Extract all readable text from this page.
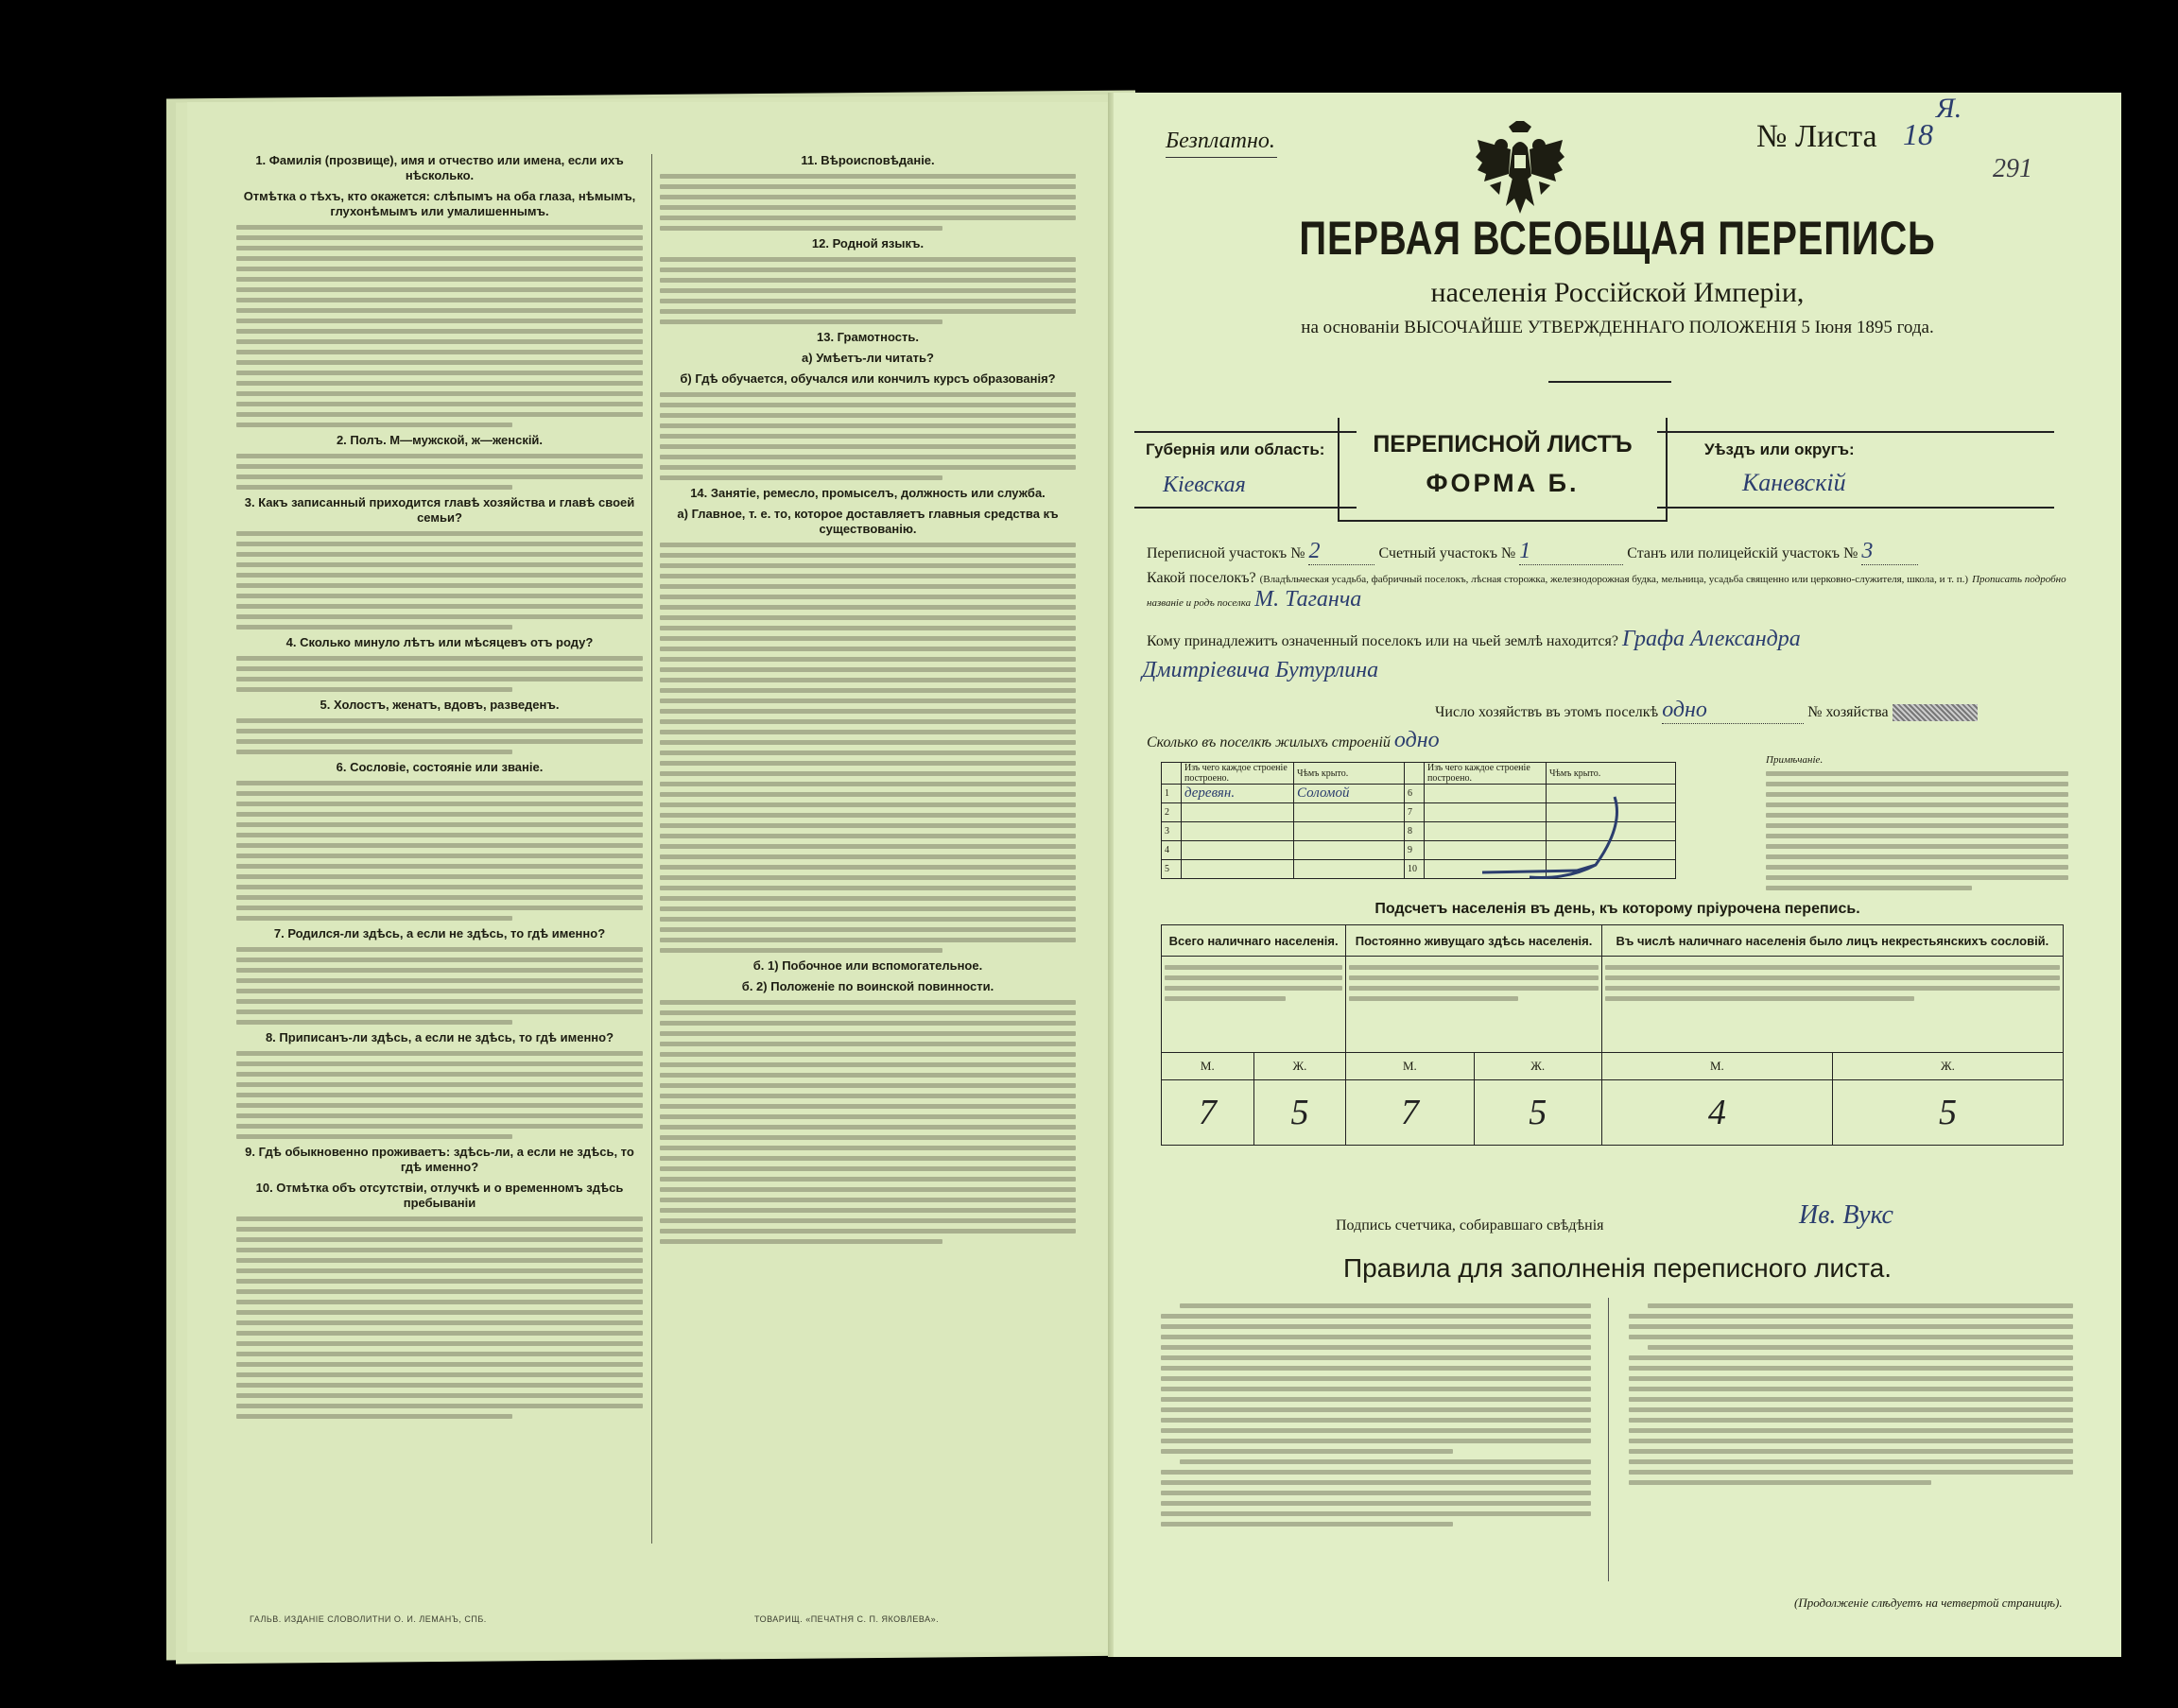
1. Фамилія (прозвище), имя и отчество или имена, если ихъ нѣсколько.
Отмѣтка о тѣхъ, кто окажется: слѣпымъ на оба глаза, нѣмымъ, глухонѣмымъ или умалишеннымъ.
2. Полъ. М—мужской, ж—женскій.
3. Какъ записанный приходится главѣ хозяйства и главѣ своей семьи?
4. Сколько минуло лѣтъ или мѣсяцевъ отъ роду?
5. Холостъ, женатъ, вдовъ, разведенъ.
6. Сословіе, состояніе или званіе.
7. Родился-ли здѣсь, а если не здѣсь, то гдѣ именно?
8. Приписанъ-ли здѣсь, а если не здѣсь, то гдѣ именно?
9. Гдѣ обыкновенно проживаетъ: здѣсь-ли, а если не здѣсь, то гдѣ именно?
10. Отмѣтка объ отсутствіи, отлучкѣ и о временномъ здѣсь пребываніи
11. Вѣроисповѣданіе.
12. Родной языкъ.
13. Грамотность.
а) Умѣетъ-ли читать?
б) Гдѣ обучается, обучался или кончилъ курсъ образованія?
14. Занятіе, ремесло, промыселъ, должность или служба.
а) Главное, т. е. то, которое доставляетъ главныя средства къ существованію.
б. 1) Побочное или вспомогательное.
б. 2) Положеніе по воинской повинности.
ГАЛЬВ. ИЗДАНІЕ СЛОВОЛИТНИ О. И. ЛЕМАНЪ, СПБ.	ТОВАРИЩ. «ПЕЧАТНЯ С. П. ЯКОВЛЕВА».
Безплатно.
Я.
№ Листа 18
291
ПЕРВАЯ ВСЕОБЩАЯ ПЕРЕПИСЬ
населенія Россійской Имперіи,
на основаніи ВЫСОЧАЙШЕ УТВЕРЖДЕННАГО ПОЛОЖЕНІЯ 5 Іюня 1895 года.
Губернія или область:
Кіевская
ПЕРЕПИСНОЙ ЛИСТЪ
ФОРМА Б.
Уѣздъ или округъ:
Каневскій
Переписной участокъ № 2	Счетный участокъ № 1	Станъ или полицейскій участокъ № 3
Какой поселокъ? (Владѣльческая усадьба, фабричный поселокъ, лѣсная сторожка, железнодорожная будка, мельница, усадьба священно или церковно-служителя, школа, и т. п.) Прописать подробно названіе и родъ поселка М. Таганча
Кому принадлежитъ означенный поселокъ или на чьей землѣ находится? Графа Александра
Дмитріевича Бутурлина
Число хозяйствъ въ этомъ поселкѣ одно	№ хозяйства
Сколько въ поселкѣ жилыхъ строеній одно
	Изъ чего каждое строеніе построено.	Чѣмъ крыто.		Изъ чего каждое строеніе построено.	Чѣмъ крыто.
1	деревян.	Соломой	6		
2			7		
3			8		
4			9		
5			10		
Примѣчаніе.
Подсчетъ населенія въ день, къ которому пріурочена перепись.
Всего наличнаго населенія.		Постоянно живущаго здѣсь населенія.		Въ числѣ наличнаго населенія было лицъ некрестьянскихъ сословій.	

М.	Ж.	М.	Ж.	М.	Ж.
7	5	7	5	4	5
Подпись счетчика, собиравшаго свѣдѣнія	Ив. Вукс
Правила для заполненія переписного листа.
(Продолженіе слѣдуетъ на четвертой страницѣ).
